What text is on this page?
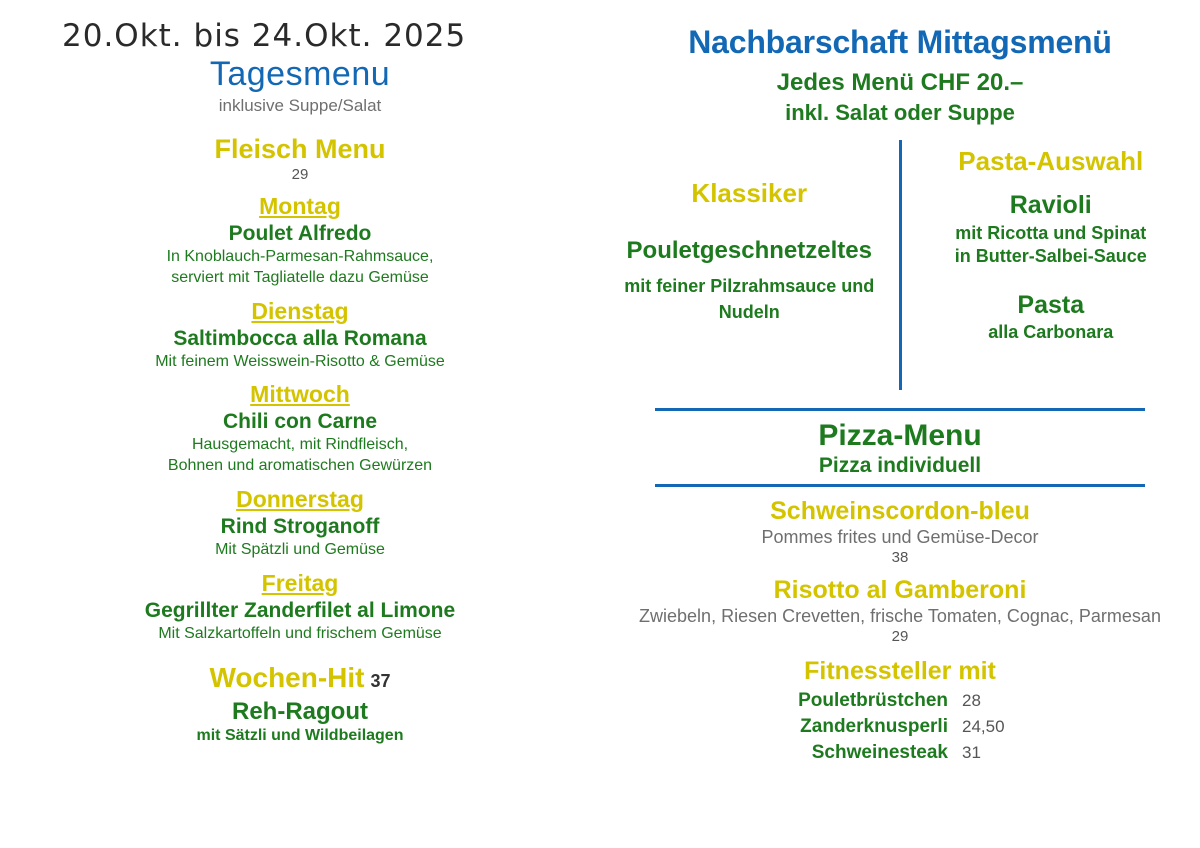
20.Okt. bis 24.Okt. 2025
Tagesmenu
inklusive Suppe/Salat
Fleisch Menu
29
Montag
Poulet Alfredo
In Knoblauch-Parmesan-Rahmsauce,
serviert mit Tagliatelle dazu Gemüse
Dienstag
Saltimbocca alla Romana
Mit feinem Weisswein-Risotto & Gemüse
Mittwoch
Chili con Carne
Hausgemacht, mit Rindfleisch,
Bohnen und aromatischen Gewürzen
Donnerstag
Rind Stroganoff
Mit Spätzli und Gemüse
Freitag
Gegrillter Zanderfilet al Limone
Mit Salzkartoffeln und frischem Gemüse
Wochen-Hit 37
Reh-Ragout
mit Sätzli und Wildbeilagen
Nachbarschaft Mittagsmenü
Jedes Menü CHF 20.–
inkl. Salat oder Suppe
Klassiker
Pouletgeschnetzeltes
mit feiner Pilzrahmsauce und
Nudeln
Pasta-Auswahl
Ravioli
mit Ricotta und Spinat
in Butter-Salbei-Sauce
Pasta
alla Carbonara
Pizza-Menu
Pizza individuell
Schweinscordon-bleu
Pommes frites und Gemüse-Decor
38
Risotto al Gamberoni
Zwiebeln, Riesen Crevetten, frische Tomaten, Cognac, Parmesan
29
Fitnessteller mit
Pouletbrüstchen 28
Zanderknusperli 24,50
Schweinesteak 31
